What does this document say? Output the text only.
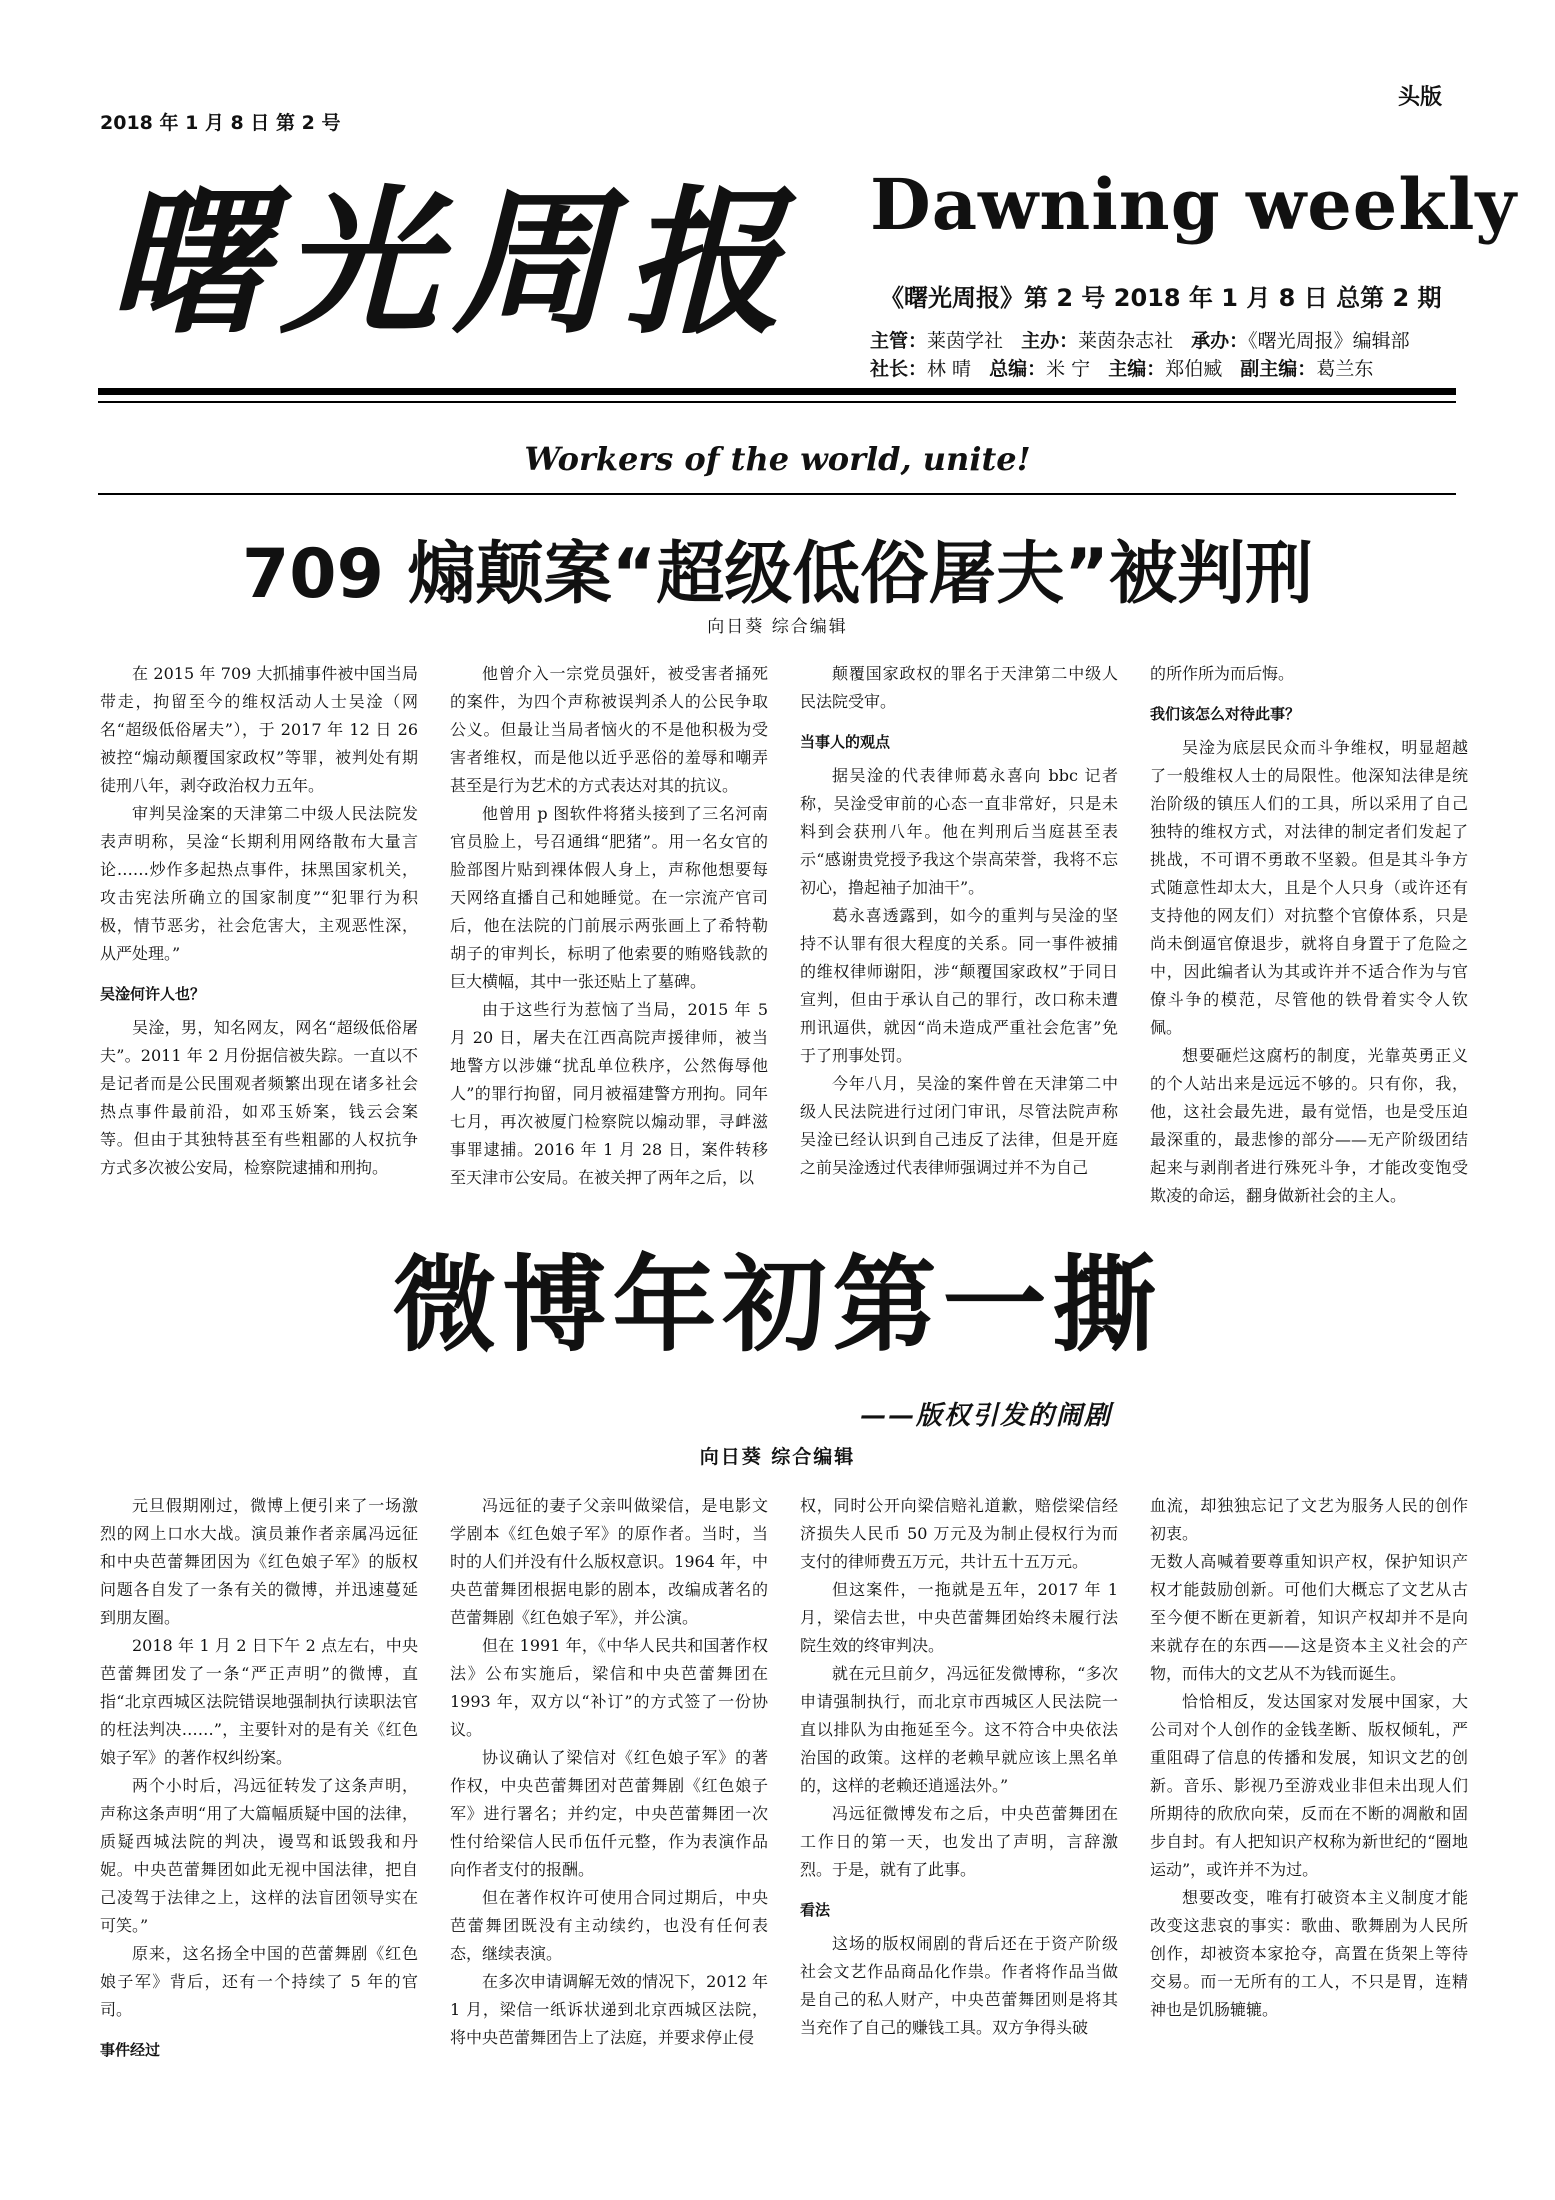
2018 年 1 月 8 日 第 2 号
头版
曙光周报 Dawning weekly
《曙光周报》第 2 号 2018 年 1 月 8 日 总第 2 期
主管：莱茵学社 主办：莱茵杂志社 承办：《曙光周报》编辑部
社长：林 晴 总编：米 宁 主编：郑伯臧 副主编：葛兰东
Workers of the world, unite!
709 煽颠案“超级低俗屠夫”被判刑
向日葵 综合编辑

在 2015 年 709 大抓捕事件被中国当局带走，拘留至今的维权活动人士吴淦（网名“超级低俗屠夫”），于 2017 年 12 日 26 被控“煽动颠覆国家政权”等罪，被判处有期徒刑八年，剥夺政治权力五年。

审判吴淦案的天津第二中级人民法院发表声明称，吴淦“长期利用网络散布大量言论……炒作多起热点事件，抹黑国家机关，攻击宪法所确立的国家制度”“犯罪行为积极，情节恶劣，社会危害大，主观恶性深，从严处理。”

吴淦何许人也？

吴淦，男，知名网友，网名“超级低俗屠夫”。2011 年 2 月份据信被失踪。一直以不是记者而是公民围观者频繁出现在诸多社会热点事件最前沿，如邓玉娇案，钱云会案等。但由于其独特甚至有些粗鄙的人权抗争方式多次被公安局，检察院逮捕和刑拘。

他曾介入一宗党员强奸，被受害者捅死的案件，为四个声称被误判杀人的公民争取公义。但最让当局者恼火的不是他积极为受害者维权，而是他以近乎恶俗的羞辱和嘲弄甚至是行为艺术的方式表达对其的抗议。

他曾用 p 图软件将猪头接到了三名河南官员脸上，号召通缉“肥猪”。用一名女官的脸部图片贴到裸体假人身上，声称他想要每天网络直播自己和她睡觉。在一宗流产官司后，他在法院的门前展示两张画上了希特勒胡子的审判长，标明了他索要的贿赂钱款的巨大横幅，其中一张还贴上了墓碑。

由于这些行为惹恼了当局，2015 年 5 月 20 日，屠夫在江西高院声援律师，被当地警方以涉嫌“扰乱单位秩序，公然侮辱他人”的罪行拘留，同月被福建警方刑拘。同年七月，再次被厦门检察院以煽动罪，寻衅滋事罪逮捕。2016 年 1 月 28 日，案件转移至天津市公安局。在被关押了两年之后，以

颠覆国家政权的罪名于天津第二中级人民法院受审。

当事人的观点

据吴淦的代表律师葛永喜向 bbc 记者称，吴淦受审前的心态一直非常好，只是未料到会获刑八年。他在判刑后当庭甚至表示“感谢贵党授予我这个崇高荣誉，我将不忘初心，撸起袖子加油干”。

葛永喜透露到，如今的重判与吴淦的坚持不认罪有很大程度的关系。同一事件被捕的维权律师谢阳，涉“颠覆国家政权”于同日宣判，但由于承认自己的罪行，改口称未遭刑讯逼供，就因“尚未造成严重社会危害”免于了刑事处罚。

今年八月，吴淦的案件曾在天津第二中级人民法院进行过闭门审讯，尽管法院声称吴淦已经认识到自己违反了法律，但是开庭之前吴淦透过代表律师强调过并不为自己

的所作所为而后悔。

我们该怎么对待此事？

吴淦为底层民众而斗争维权，明显超越了一般维权人士的局限性。他深知法律是统治阶级的镇压人们的工具，所以采用了自己独特的维权方式，对法律的制定者们发起了挑战，不可谓不勇敢不坚毅。但是其斗争方式随意性却太大，且是个人只身（或许还有支持他的网友们）对抗整个官僚体系，只是尚未倒逼官僚退步，就将自身置于了危险之中，因此编者认为其或许并不适合作为与官僚斗争的模范，尽管他的铁骨着实令人钦佩。

想要砸烂这腐朽的制度，光靠英勇正义的个人站出来是远远不够的。只有你，我，他，这社会最先进，最有觉悟，也是受压迫最深重的，最悲惨的部分——无产阶级团结起来与剥削者进行殊死斗争，才能改变饱受欺凌的命运，翻身做新社会的主人。

微博年初第一撕
——版权引发的闹剧
向日葵 综合编辑

元旦假期刚过，微博上便引来了一场激烈的网上口水大战。演员兼作者亲属冯远征和中央芭蕾舞团因为《红色娘子军》的版权问题各自发了一条有关的微博，并迅速蔓延到朋友圈。

2018 年 1 月 2 日下午 2 点左右，中央芭蕾舞团发了一条“严正声明”的微博，直指“北京西城区法院错误地强制执行读职法官的枉法判决……”，主要针对的是有关《红色娘子军》的著作权纠纷案。

两个小时后，冯远征转发了这条声明，声称这条声明“用了大篇幅质疑中国的法律，质疑西城法院的判决，谩骂和诋毁我和丹妮。中央芭蕾舞团如此无视中国法律，把自己凌驾于法律之上，这样的法盲团领导实在可笑。”

原来，这名扬全中国的芭蕾舞剧《红色娘子军》背后，还有一个持续了 5 年的官司。

事件经过

冯远征的妻子父亲叫做梁信，是电影文学剧本《红色娘子军》的原作者。当时，当时的人们并没有什么版权意识。1964 年，中央芭蕾舞团根据电影的剧本，改编成著名的芭蕾舞剧《红色娘子军》，并公演。

但在 1991 年，《中华人民共和国著作权法》公布实施后，梁信和中央芭蕾舞团在 1993 年，双方以“补订”的方式签了一份协议。

协议确认了梁信对《红色娘子军》的著作权，中央芭蕾舞团对芭蕾舞剧《红色娘子军》进行署名；并约定，中央芭蕾舞团一次性付给梁信人民币伍仟元整，作为表演作品向作者支付的报酬。

但在著作权许可使用合同过期后，中央芭蕾舞团既没有主动续约，也没有任何表态，继续表演。

在多次申请调解无效的情况下，2012 年 1 月，梁信一纸诉状递到北京西城区法院，将中央芭蕾舞团告上了法庭，并要求停止侵

权，同时公开向梁信赔礼道歉，赔偿梁信经济损失人民币 50 万元及为制止侵权行为而支付的律师费五万元，共计五十五万元。

但这案件，一拖就是五年，2017 年 1 月，梁信去世，中央芭蕾舞团始终未履行法院生效的终审判决。

就在元旦前夕，冯远征发微博称，“多次申请强制执行，而北京市西城区人民法院一直以排队为由拖延至今。这不符合中央依法治国的政策。这样的老赖早就应该上黑名单的，这样的老赖还逍遥法外。”

冯远征微博发布之后，中央芭蕾舞团在工作日的第一天，也发出了声明，言辞激烈。于是，就有了此事。

看法

这场的版权闹剧的背后还在于资产阶级社会文艺作品商品化作祟。作者将作品当做是自己的私人财产，中央芭蕾舞团则是将其当充作了自己的赚钱工具。双方争得头破

血流，却独独忘记了文艺为服务人民的创作初衷。

无数人高喊着要尊重知识产权，保护知识产权才能鼓励创新。可他们大概忘了文艺从古至今便不断在更新着，知识产权却并不是向来就存在的东西——这是资本主义社会的产物，而伟大的文艺从不为钱而诞生。

恰恰相反，发达国家对发展中国家，大公司对个人创作的金钱垄断、版权倾轧，严重阻碍了信息的传播和发展，知识文艺的创新。音乐、影视乃至游戏业非但未出现人们所期待的欣欣向荣，反而在不断的凋敝和固步自封。有人把知识产权称为新世纪的“圈地运动”，或许并不为过。

想要改变，唯有打破资本主义制度才能改变这悲哀的事实：歌曲、歌舞剧为人民所创作，却被资本家抢夺，高置在货架上等待交易。而一无所有的工人，不只是胃，连精神也是饥肠辘辘。
